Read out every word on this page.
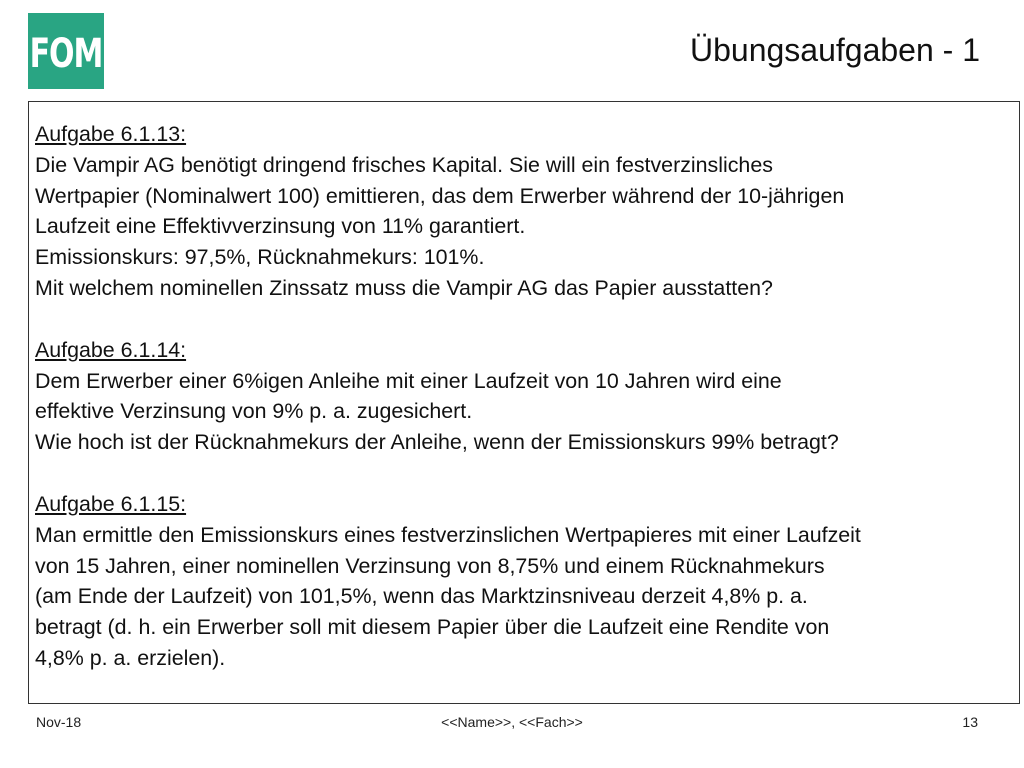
FOM	Übungsaufgaben - 1
Aufgabe 6.1.13:
Die Vampir AG benötigt dringend frisches Kapital. Sie will ein festverzinsliches
Wertpapier (Nominalwert 100) emittieren, das dem Erwerber während der 10-jährigen
Laufzeit eine Effektivverzinsung von 11% garantiert.
Emissionskurs: 97,5%, Rücknahmekurs: 101%.
Mit welchem nominellen Zinssatz muss die Vampir AG das Papier ausstatten?
Aufgabe 6.1.14:
Dem Erwerber einer 6%igen Anleihe mit einer Laufzeit von 10 Jahren wird eine
effektive Verzinsung von 9% p. a. zugesichert.
Wie hoch ist der Rücknahmekurs der Anleihe, wenn der Emissionskurs 99% betragt?
Aufgabe 6.1.15:
Man ermittle den Emissionskurs eines festverzinslichen Wertpapieres mit einer Laufzeit
von 15 Jahren, einer nominellen Verzinsung von 8,75% und einem Rücknahmekurs
(am Ende der Laufzeit) von 101,5%, wenn das Marktzinsniveau derzeit 4,8% p. a.
betragt (d. h. ein Erwerber soll mit diesem Papier über die Laufzeit eine Rendite von
4,8% p. a. erzielen).
Nov-18	<<Name>>, <<Fach>>	13
